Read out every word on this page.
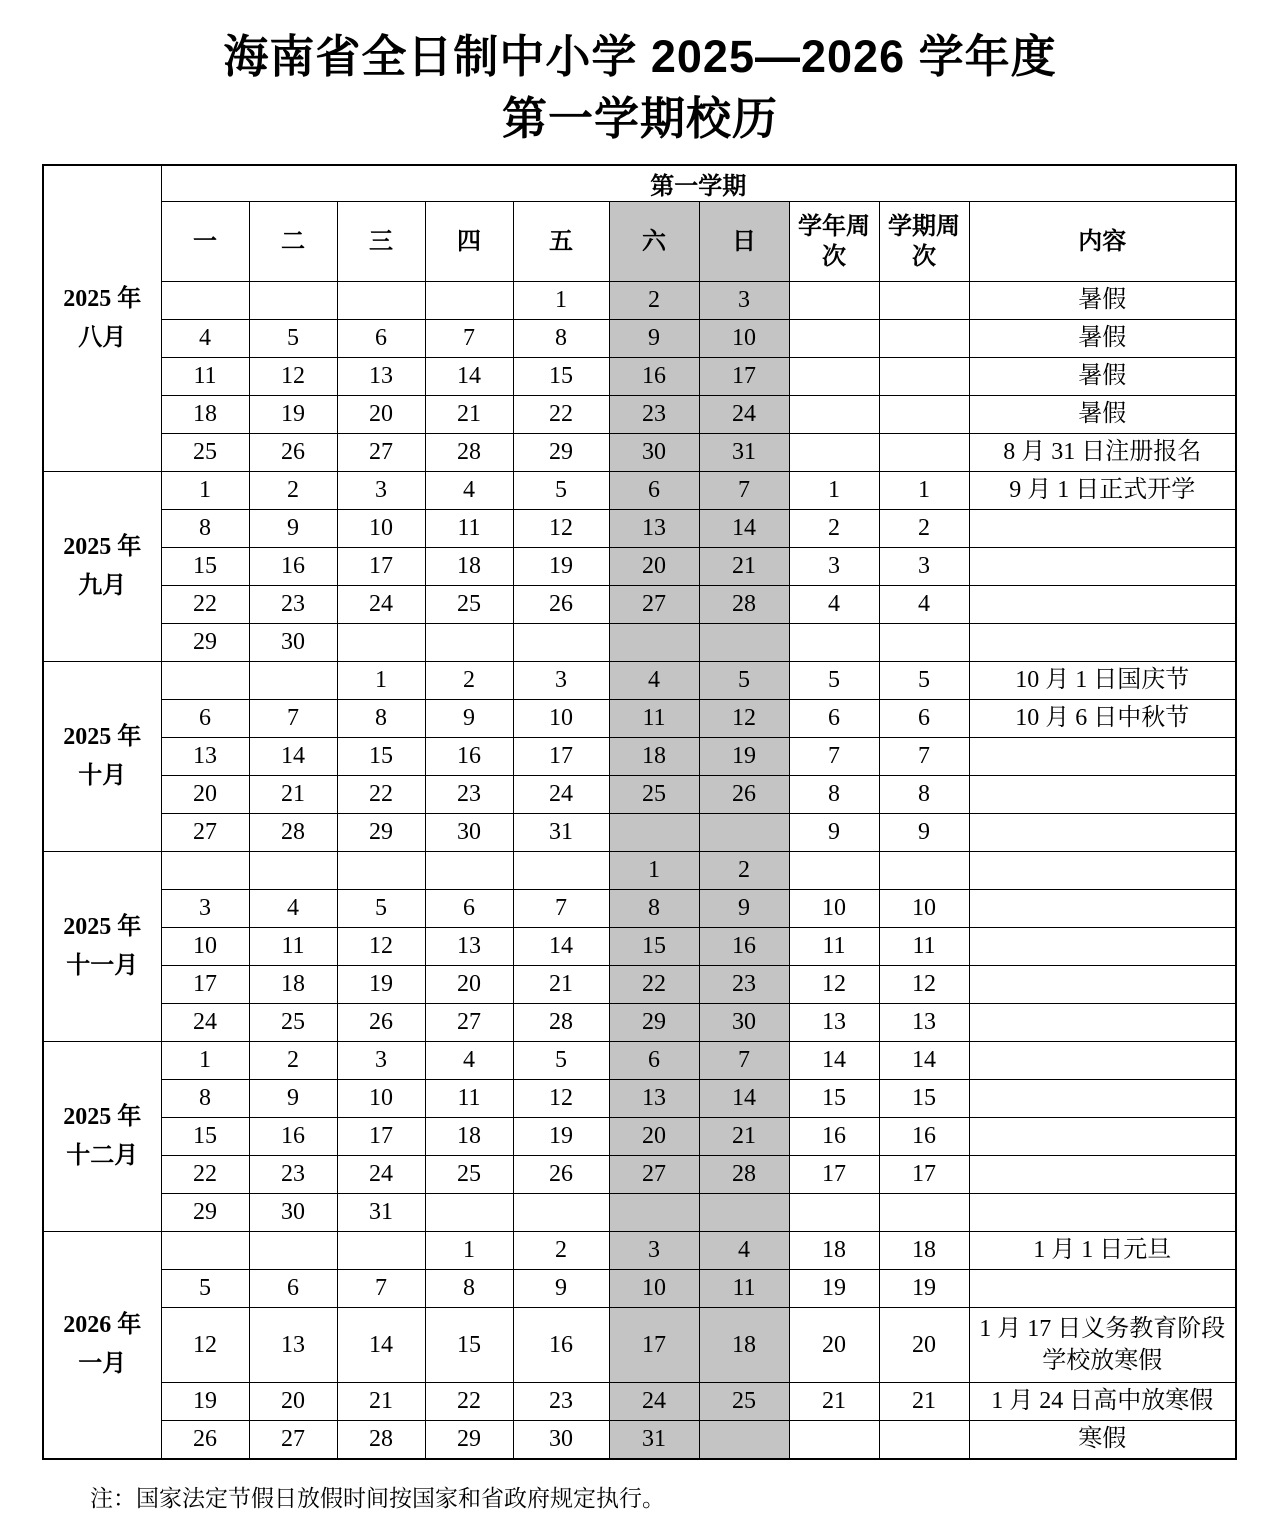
海南省全日制中小学 2025—2026 学年度
第一学期校历
2025 年
八月	第一学期									
	一	二	三	四	五	六	日	学年周次	学期周次	内容
					1	2	3			暑假
	4	5	6	7	8	9	10			暑假
	11	12	13	14	15	16	17			暑假
	18	19	20	21	22	23	24			暑假
	25	26	27	28	29	30	31			8 月 31 日注册报名

2025 年
九月	1	2	3	4	5	6	7	1	1	9 月 1 日正式开学
	8	9	10	11	12	13	14	2	2	
	15	16	17	18	19	20	21	3	3	
	22	23	24	25	26	27	28	4	4	
	29	30								

2025 年
十月			1	2	3	4	5	5	5	10 月 1 日国庆节
	6	7	8	9	10	11	12	6	6	10 月 6 日中秋节
	13	14	15	16	17	18	19	7	7	
	20	21	22	23	24	25	26	8	8	
	27	28	29	30	31			9	9	

2025 年
十一月						1	2			
	3	4	5	6	7	8	9	10	10	
	10	11	12	13	14	15	16	11	11	
	17	18	19	20	21	22	23	12	12	
	24	25	26	27	28	29	30	13	13	

2025 年
十二月	1	2	3	4	5	6	7	14	14	
	8	9	10	11	12	13	14	15	15	
	15	16	17	18	19	20	21	16	16	
	22	23	24	25	26	27	28	17	17	
	29	30	31							

2026 年
一月				1	2	3	4	18	18	1 月 1 日元旦
	5	6	7	8	9	10	11	19	19	
	12	13	14	15	16	17	18	20	20	1 月 17 日义务教育阶段学校放寒假
	19	20	21	22	23	24	25	21	21	1 月 24 日高中放寒假
	26	27	28	29	30	31				寒假
注：国家法定节假日放假时间按国家和省政府规定执行。
